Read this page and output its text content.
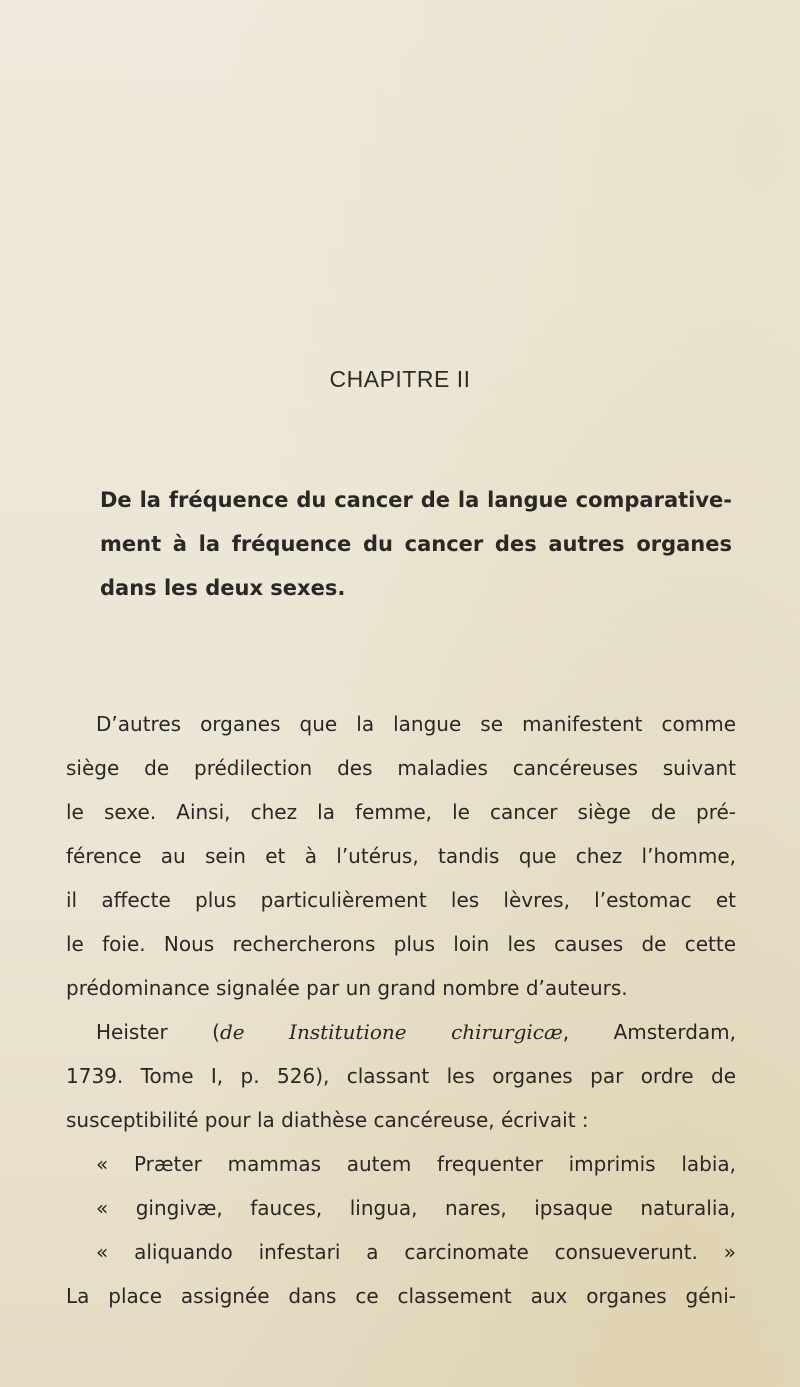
CHAPITRE II
De la fréquence du cancer de la langue comparative-
ment à la fréquence du cancer des autres organes
dans les deux sexes.
D’autres organes que la langue se manifestent comme
siège de prédilection des maladies cancéreuses suivant
le sexe. Ainsi, chez la femme, le cancer siège de pré-
férence au sein et à l’utérus, tandis que chez l’homme,
il affecte plus particulièrement les lèvres, l’estomac et
le foie. Nous rechercherons plus loin les causes de cette
prédominance signalée par un grand nombre d’auteurs.
Heister (de Institutione chirurgicæ, Amsterdam,
1739. Tome I, p. 526), classant les organes par ordre de
susceptibilité pour la diathèse cancéreuse, écrivait :
« Præter mammas autem frequenter imprimis labia,
« gingivæ, fauces, lingua, nares, ipsaque naturalia,
« aliquando infestari a carcinomate consueverunt. »
La place assignée dans ce classement aux organes géni-
